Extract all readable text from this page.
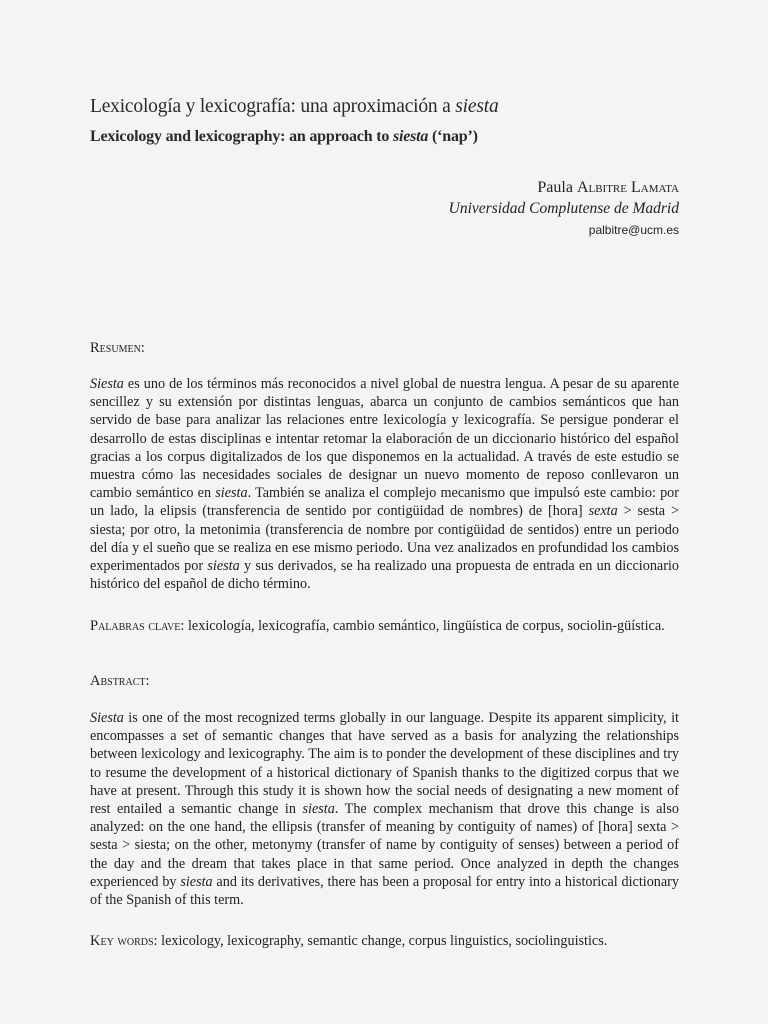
Lexicología y lexicografía: una aproximación a siesta
Lexicology and lexicography: an approach to siesta (‘nap’)
Paula Albitre Lamata
Universidad Complutense de Madrid
palbitre@ucm.es

Resumen:

Siesta es uno de los términos más reconocidos a nivel global de nuestra lengua. A pesar de su aparente sencillez y su extensión por distintas lenguas, abarca un conjunto de cambios semánticos que han servido de base para analizar las relaciones entre lexicología y lexicografía. Se persigue ponderar el desarrollo de estas disciplinas e intentar retomar la elaboración de un diccionario histórico del español gracias a los corpus digitalizados de los que disponemos en la actualidad. A través de este estudio se muestra cómo las necesidades sociales de designar un nuevo momento de reposo conllevaron un cambio semántico en siesta. También se analiza el complejo mecanismo que impulsó este cambio: por un lado, la elipsis (transferencia de sentido por contigüidad de nombres) de [hora] sexta > sesta > siesta; por otro, la metonimia (transferencia de nombre por contigüidad de sentidos) entre un periodo del día y el sueño que se realiza en ese mismo periodo. Una vez analizados en profundidad los cambios experimentados por siesta y sus derivados, se ha realizado una propuesta de entrada en un diccionario histórico del español de dicho término.

Palabras clave: lexicología, lexicografía, cambio semántico, lingüística de corpus, sociolin-güística.

Abstract:

Siesta is one of the most recognized terms globally in our language. Despite its apparent simplicity, it encompasses a set of semantic changes that have served as a basis for analyzing the relationships between lexicology and lexicography. The aim is to ponder the development of these disciplines and try to resume the development of a historical dictionary of Spanish thanks to the digitized corpus that we have at present. Through this study it is shown how the social needs of designating a new moment of rest entailed a semantic change in siesta. The complex mechanism that drove this change is also analyzed: on the one hand, the ellipsis (transfer of meaning by contiguity of names) of [hora] sexta > sesta > siesta; on the other, metonymy (transfer of name by contiguity of senses) between a period of the day and the dream that takes place in that same period. Once analyzed in depth the changes experienced by siesta and its derivatives, there has been a proposal for entry into a historical dictionary of the Spanish of this term.

Key words: lexicology, lexicography, semantic change, corpus linguistics, sociolinguistics.
